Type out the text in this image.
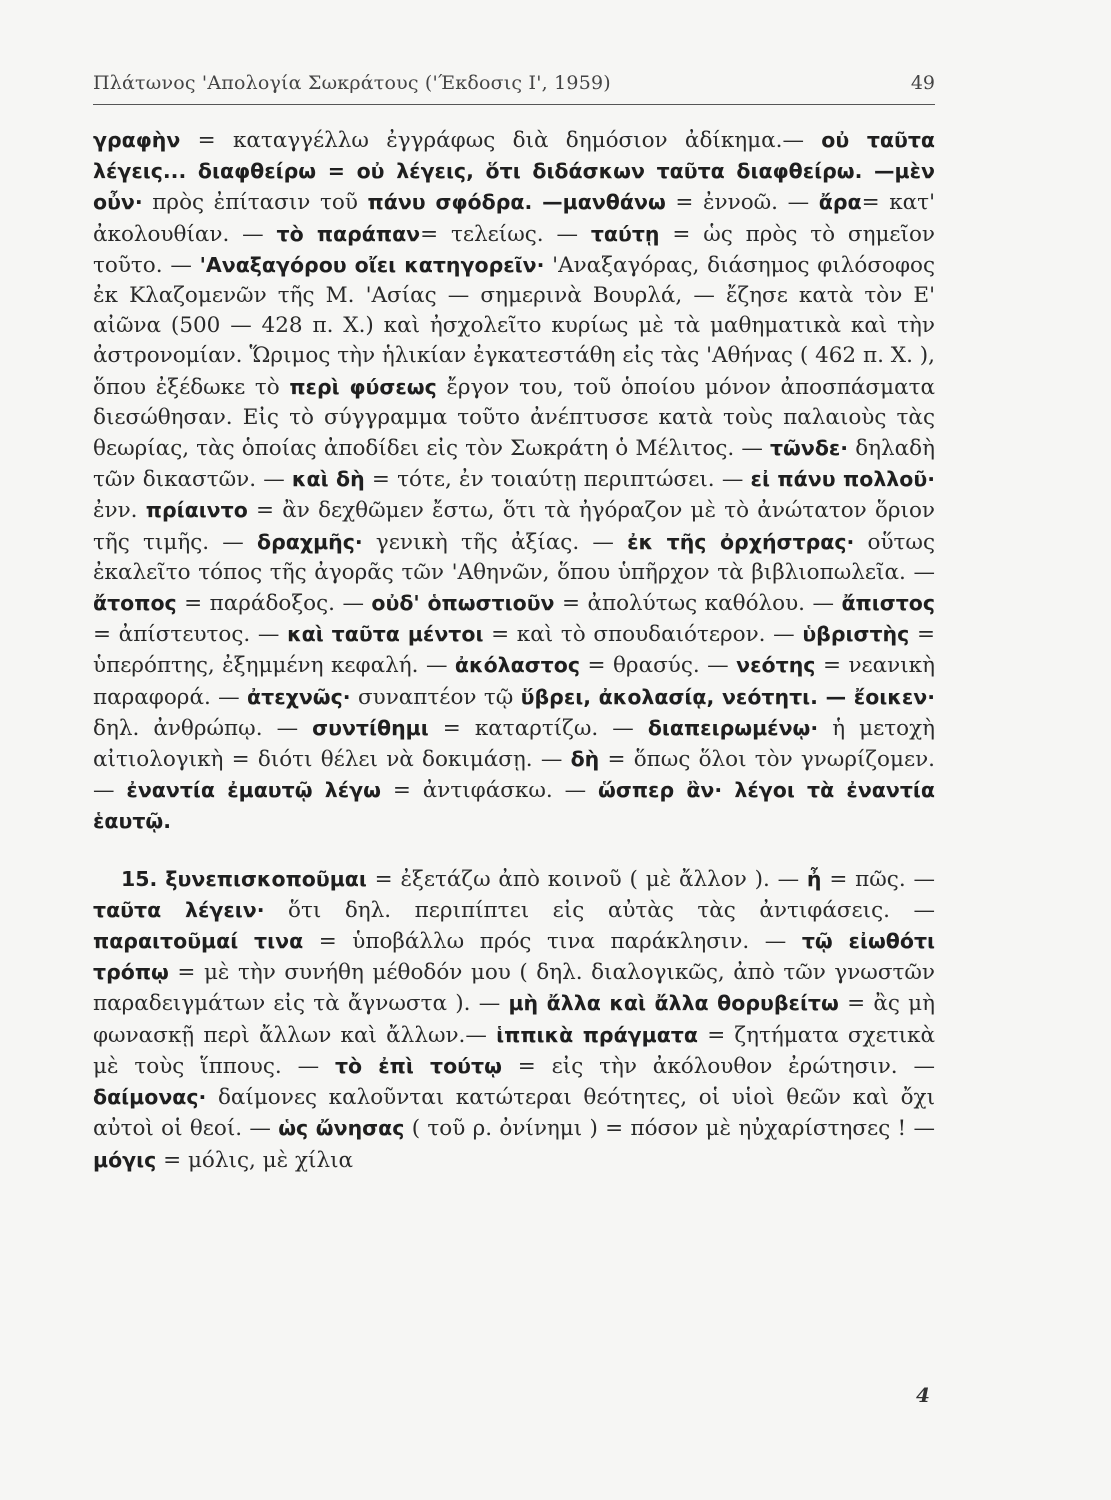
Πλάτωνος 'Απολογία Σωκράτους ('Έκδοσις Ι', 1959)	49

γραφὴν = καταγγέλλω ἐγγράφως διὰ δημόσιον ἀδίκημα.— οὐ ταῦτα λέγεις... διαφθείρω = οὐ λέγεις, ὅτι διδάσκων ταῦτα διαφθείρω. —μὲν οὖν· πρὸς ἐπίτασιν τοῦ πάνυ σφόδρα. —μανθάνω = ἐννοῶ. — ἄρα= κατ' ἀκολουθίαν. — τὸ παράπαν= τελείως. — ταύτῃ = ὡς πρὸς τὸ σημεῖον τοῦτο. — 'Αναξαγόρου οἴει κατηγορεῖν· 'Αναξαγόρας, διάσημος φιλόσοφος ἐκ Κλαζομενῶν τῆς Μ. 'Ασίας — σημερινὰ Βουρλά, — ἔζησε κατὰ τὸν Ε' αἰῶνα (500 — 428 π. Χ.) καὶ ἠσχολεῖτο κυρίως μὲ τὰ μαθηματικὰ καὶ τὴν ἀστρονομίαν. Ὥριμος τὴν ἡλικίαν ἐγκατεστάθη εἰς τὰς 'Αθήνας ( 462 π. Χ. ), ὅπου ἐξέδωκε τὸ περὶ φύσεως ἔργον του, τοῦ ὁποίου μόνον ἀποσπάσματα διεσώθησαν. Εἰς τὸ σύγγραμμα τοῦτο ἀνέπτυσσε κατὰ τοὺς παλαιοὺς τὰς θεωρίας, τὰς ὁποίας ἀποδίδει εἰς τὸν Σωκράτη ὁ Μέλιτος. — τῶνδε· δηλαδὴ τῶν δικαστῶν. — καὶ δὴ = τότε, ἐν τοιαύτῃ περιπτώσει. — εἰ πάνυ πολλοῦ· ἐνν. πρίαιντο = ἂν δεχθῶμεν ἔστω, ὅτι τὰ ἠγόραζον μὲ τὸ ἀνώτατον ὅριον τῆς τιμῆς. — δραχμῆς· γενικὴ τῆς ἀξίας. — ἐκ τῆς ὀρχήστρας· οὕτως ἐκαλεῖτο τόπος τῆς ἀγορᾶς τῶν 'Αθηνῶν, ὅπου ὑπῆρχον τὰ βιβλιοπωλεῖα. — ἄτοπος = παράδοξος. — οὐδ' ὁπωστιοῦν = ἀπολύτως καθόλου. — ἄπιστος = ἀπίστευτος. — καὶ ταῦτα μέντοι = καὶ τὸ σπουδαιότερον. — ὑβριστὴς = ὑπερόπτης, ἐξημμένη κεφαλή. — ἀκόλαστος = θρασύς. — νεότης = νεανικὴ παραφορά. — ἀτεχνῶς· συναπτέον τῷ ὕβρει, ἀκολασίᾳ, νεότητι. — ἔοικεν· δηλ. ἀνθρώπῳ. — συντίθημι = καταρτίζω. — διαπειρωμένῳ· ἡ μετοχὴ αἰτιολογικὴ = διότι θέλει νὰ δοκιμάσῃ. — δὴ = ὅπως ὅλοι τὸν γνωρίζομεν. — ἐναντία ἐμαυτῷ λέγω = ἀντιφάσκω. — ὥσπερ ἂν· λέγοι τὰ ἐναντία ἑαυτῷ.

15. ξυνεπισκοποῦμαι = ἐξετάζω ἀπὸ κοινοῦ ( μὲ ἄλλον ). — ἦ = πῶς. — ταῦτα λέγειν· ὅτι δηλ. περιπίπτει εἰς αὐτὰς τὰς ἀντιφάσεις. — παραιτοῦμαί τινα = ὑποβάλλω πρός τινα παράκλησιν. — τῷ εἰωθότι τρόπῳ = μὲ τὴν συνήθη μέθοδόν μου ( δηλ. διαλογικῶς, ἀπὸ τῶν γνωστῶν παραδειγμάτων εἰς τὰ ἄγνωστα ). — μὴ ἄλλα καὶ ἄλλα θορυβείτω = ἂς μὴ φωνασκῇ περὶ ἄλλων καὶ ἄλλων.— ἱππικὰ πράγματα = ζητήματα σχετικὰ μὲ τοὺς ἵππους. — τὸ ἐπὶ τούτῳ = εἰς τὴν ἀκόλουθον ἐρώτησιν. — δαίμονας· δαίμονες καλοῦνται κατώτεραι θεότητες, οἱ υἱοὶ θεῶν καὶ ὄχι αὐτοὶ οἱ θεοί. — ὡς ὤνησας ( τοῦ ρ. ὀνίνημι ) = πόσον μὲ ηὐχαρίστησες ! — μόγις = μόλις, μὲ χίλια

4
